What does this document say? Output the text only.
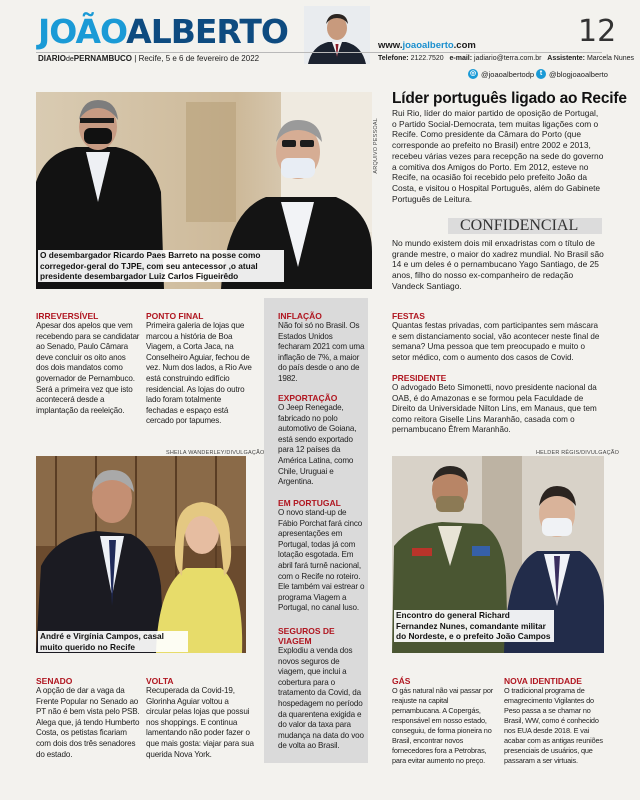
JOÃOALBERTO	12
www.joaoalberto.com
DIARIOdePERNAMBUCO | Recife, 5 e 6 de fevereiro de 2022	Telefone: 2122.7520 e-mail: jadiario@terra.com.br Assistente: Marcela Nunes
◎ @joaoalbertodp t @blogjoaoalberto
ARQUIVO PESSOAL
O desembargador Ricardo Paes Barreto na posse como corregedor-geral do TJPE, com seu antecessor ,o atual presidente desembargador Luiz Carlos Figueirêdo
Líder português ligado ao Recife
Rui Rio, líder do maior partido de oposição de Portugal, o Partido Social-Democrata, tem muitas ligações com o Recife. Como presidente da Câmara do Porto (que corresponde ao prefeito no Brasil) entre 2002 e 2013, recebeu várias vezes para recepção na sede do governo a comitiva dos Amigos do Porto. Em 2012, esteve no Recife, na ocasião foi recebido pelo prefeito João da Costa, e visitou o Hospital Português, além do Gabinete Português de Leitura.
CONFIDENCIAL
No mundo existem dois mil enxadristas com o título de grande mestre, o maior do xadrez mundial. No Brasil são 14 e um deles é o pernambucano Yago Santiago, de 25 anos, filho do nosso ex-companheiro de redação Vandeck Santiago.
IRREVERSÍVEL
Apesar dos apelos que vem recebendo para se candidatar ao Senado, Paulo Câmara deve concluir os oito anos dos dois mandatos como governador de Pernambuco. Será a primeira vez que isto acontecerá desde a implantação da reeleição.
PONTO FINAL
Primeira galeria de lojas que marcou a história de Boa Viagem, a Corta Jaca, na Conselheiro Aguiar, fechou de vez. Num dos lados, a Rio Ave está construindo edifício residencial. As lojas do outro lado foram totalmente fechadas e espaço está cercado por tapumes.
INFLAÇÃO
Não foi só no Brasil. Os Estados Unidos fecharam 2021 com uma inflação de 7%, a maior do país desde o ano de 1982.
EXPORTAÇÃO
O Jeep Renegade, fabricado no polo automotivo de Goiana, está sendo exportado para 12 países da América Latina, como Chile, Uruguai e Argentina.
EM PORTUGAL
O novo stand-up de Fábio Porchat fará cinco apresentações em Portugal, todas já com lotação esgotada. Em abril fará turnê nacional, com o Recife no roteiro. Ele também vai estrear o programa Viagem a Portugal, no canal luso.
SEGUROS DE VIAGEM
Explodiu a venda dos novos seguros de viagem, que inclui a cobertura para o tratamento da Covid, da hospedagem no período da quarentena exigida e do valor da taxa para mudança na data do voo de volta ao Brasil.
FESTAS
Quantas festas privadas, com participantes sem máscara e sem distanciamento social, vão acontecer neste final de semana? Uma pessoa que tem preocupado e muito o setor médico, com o aumento dos casos de Covid.
PRESIDENTE
O advogado Beto Simonetti, novo presidente nacional da OAB, é do Amazonas e se formou pela Faculdade de Direito da Universidade Nilton Lins, em Manaus, que tem como reitora Giselle Lins Maranhão, casada com o pernambucano Êfrem Maranhão.
SHEILA WANDERLEY/DIVULGAÇÃO
André e Virgínia Campos, casal muito querido no Recife
HELDER RÊGIS/DIVULGAÇÃO
Encontro do general Richard Fernandez Nunes, comandante militar do Nordeste, e o prefeito João Campos
SENADO
A opção de dar a vaga da Frente Popular no Senado ao PT não é bem vista pelo PSB. Alega que, já tendo Humberto Costa, os petistas ficariam com dois dos três senadores do estado.
VOLTA
Recuperada da Covid-19, Glorinha Aguiar voltou a circular pelas lojas que possui nos shoppings. E continua lamentando não poder fazer o que mais gosta: viajar para sua querida Nova York.
GÁS
O gás natural não vai passar por reajuste na capital pernambucana. A Copergás, responsável em nosso estado, conseguiu, de forma pioneira no Brasil, encontrar novos fornecedores fora a Petrobras, para evitar aumento no preço.
NOVA IDENTIDADE
O tradicional programa de emagrecimento Vigilantes do Peso passa a se chamar no Brasil, WW, como é conhecido nos EUA desde 2018. E vai acabar com as antigas reuniões presenciais de usuários, que passaram a ser virtuais.
